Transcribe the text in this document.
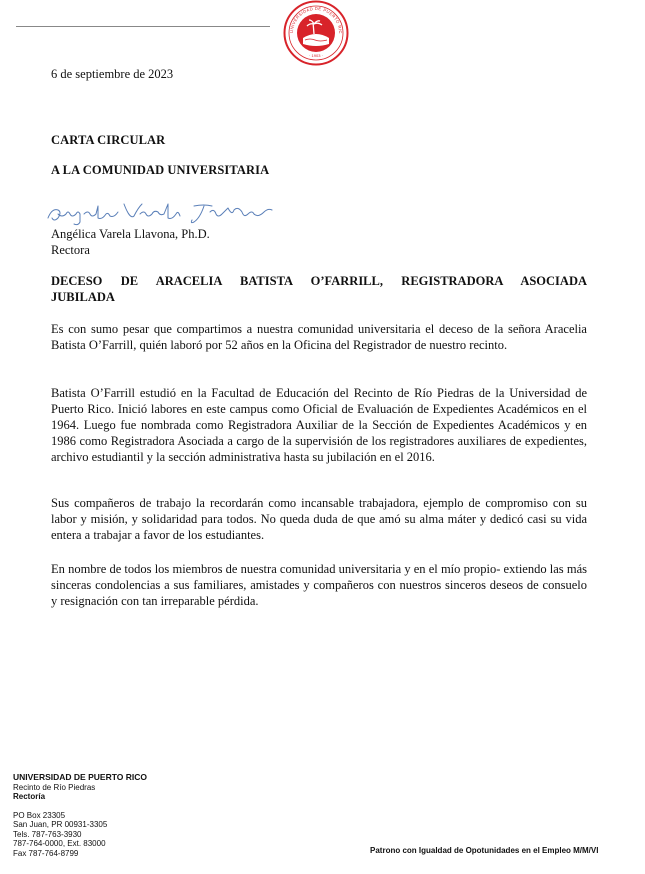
UNIVERSIDAD DE PUERTO RIC
· 1903 ·
6 de septiembre de 2023
CARTA CIRCULAR
A LA COMUNIDAD UNIVERSITARIA
Angélica Varela Llavona, Ph.D.
Rectora
DECESO DE ARACELIA BATISTA O’FARRILL, REGISTRADORA ASOCIADA
JUBILADA

Es con sumo pesar que compartimos a nuestra comunidad universitaria el deceso de la señora Aracelia Batista O’Farrill, quién laboró por 52 años en la Oficina del Registrador de nuestro recinto.

Batista O’Farrill estudió en la Facultad de Educación del Recinto de Río Piedras de la Universidad de Puerto Rico. Inició labores en este campus como Oficial de Evaluación de Expedientes Académicos en el 1964. Luego fue nombrada como Registradora Auxiliar de la Sección de Expedientes Académicos y en 1986 como Registradora Asociada a cargo de la supervisión de los registradores auxiliares de expedientes, archivo estudiantil y la sección administrativa hasta su jubilación en el 2016.

Sus compañeros de trabajo la recordarán como incansable trabajadora, ejemplo de compromiso con su labor y misión, y solidaridad para todos. No queda duda de que amó su alma máter y dedicó casi su vida entera a trabajar a favor de los estudiantes.

En nombre de todos los miembros de nuestra comunidad universitaria y en el mío propio- extiendo las más sinceras condolencias a sus familiares, amistades y compañeros con nuestros sinceros deseos de consuelo y resignación con tan irreparable pérdida.

UNIVERSIDAD DE PUERTO RICO
Recinto de Río Piedras
Rectoría
PO Box 23305
San Juan, PR 00931-3305
Tels. 787-763-3930
787-764-0000, Ext. 83000
Fax 787-764-8799	Patrono con Igualdad de Opotunidades en el Empleo M/M/VI
